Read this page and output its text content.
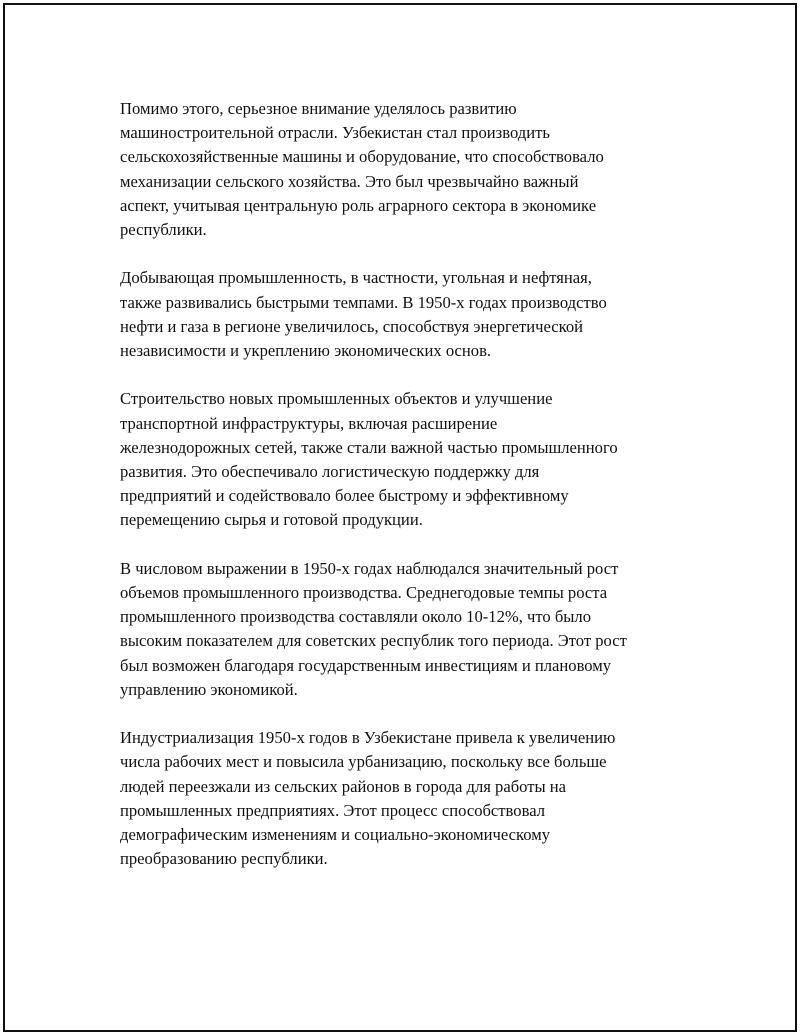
Помимо этого, серьезное внимание уделялось развитию
машиностроительной отрасли. Узбекистан стал производить
сельскохозяйственные машины и оборудование, что способствовало
механизации сельского хозяйства. Это был чрезвычайно важный
аспект, учитывая центральную роль аграрного сектора в экономике
республики.

Добывающая промышленность, в частности, угольная и нефтяная,
также развивались быстрыми темпами. В 1950-х годах производство
нефти и газа в регионе увеличилось, способствуя энергетической
независимости и укреплению экономических основ.

Строительство новых промышленных объектов и улучшение
транспортной инфраструктуры, включая расширение
железнодорожных сетей, также стали важной частью промышленного
развития. Это обеспечивало логистическую поддержку для
предприятий и содействовало более быстрому и эффективному
перемещению сырья и готовой продукции.

В числовом выражении в 1950-х годах наблюдался значительный рост
объемов промышленного производства. Среднегодовые темпы роста
промышленного производства составляли около 10-12%, что было
высоким показателем для советских республик того периода. Этот рост
был возможен благодаря государственным инвестициям и плановому
управлению экономикой.

Индустриализация 1950-х годов в Узбекистане привела к увеличению
числа рабочих мест и повысила урбанизацию, поскольку все больше
людей переезжали из сельских районов в города для работы на
промышленных предприятиях. Этот процесс способствовал
демографическим изменениям и социально-экономическому
преобразованию республики.
